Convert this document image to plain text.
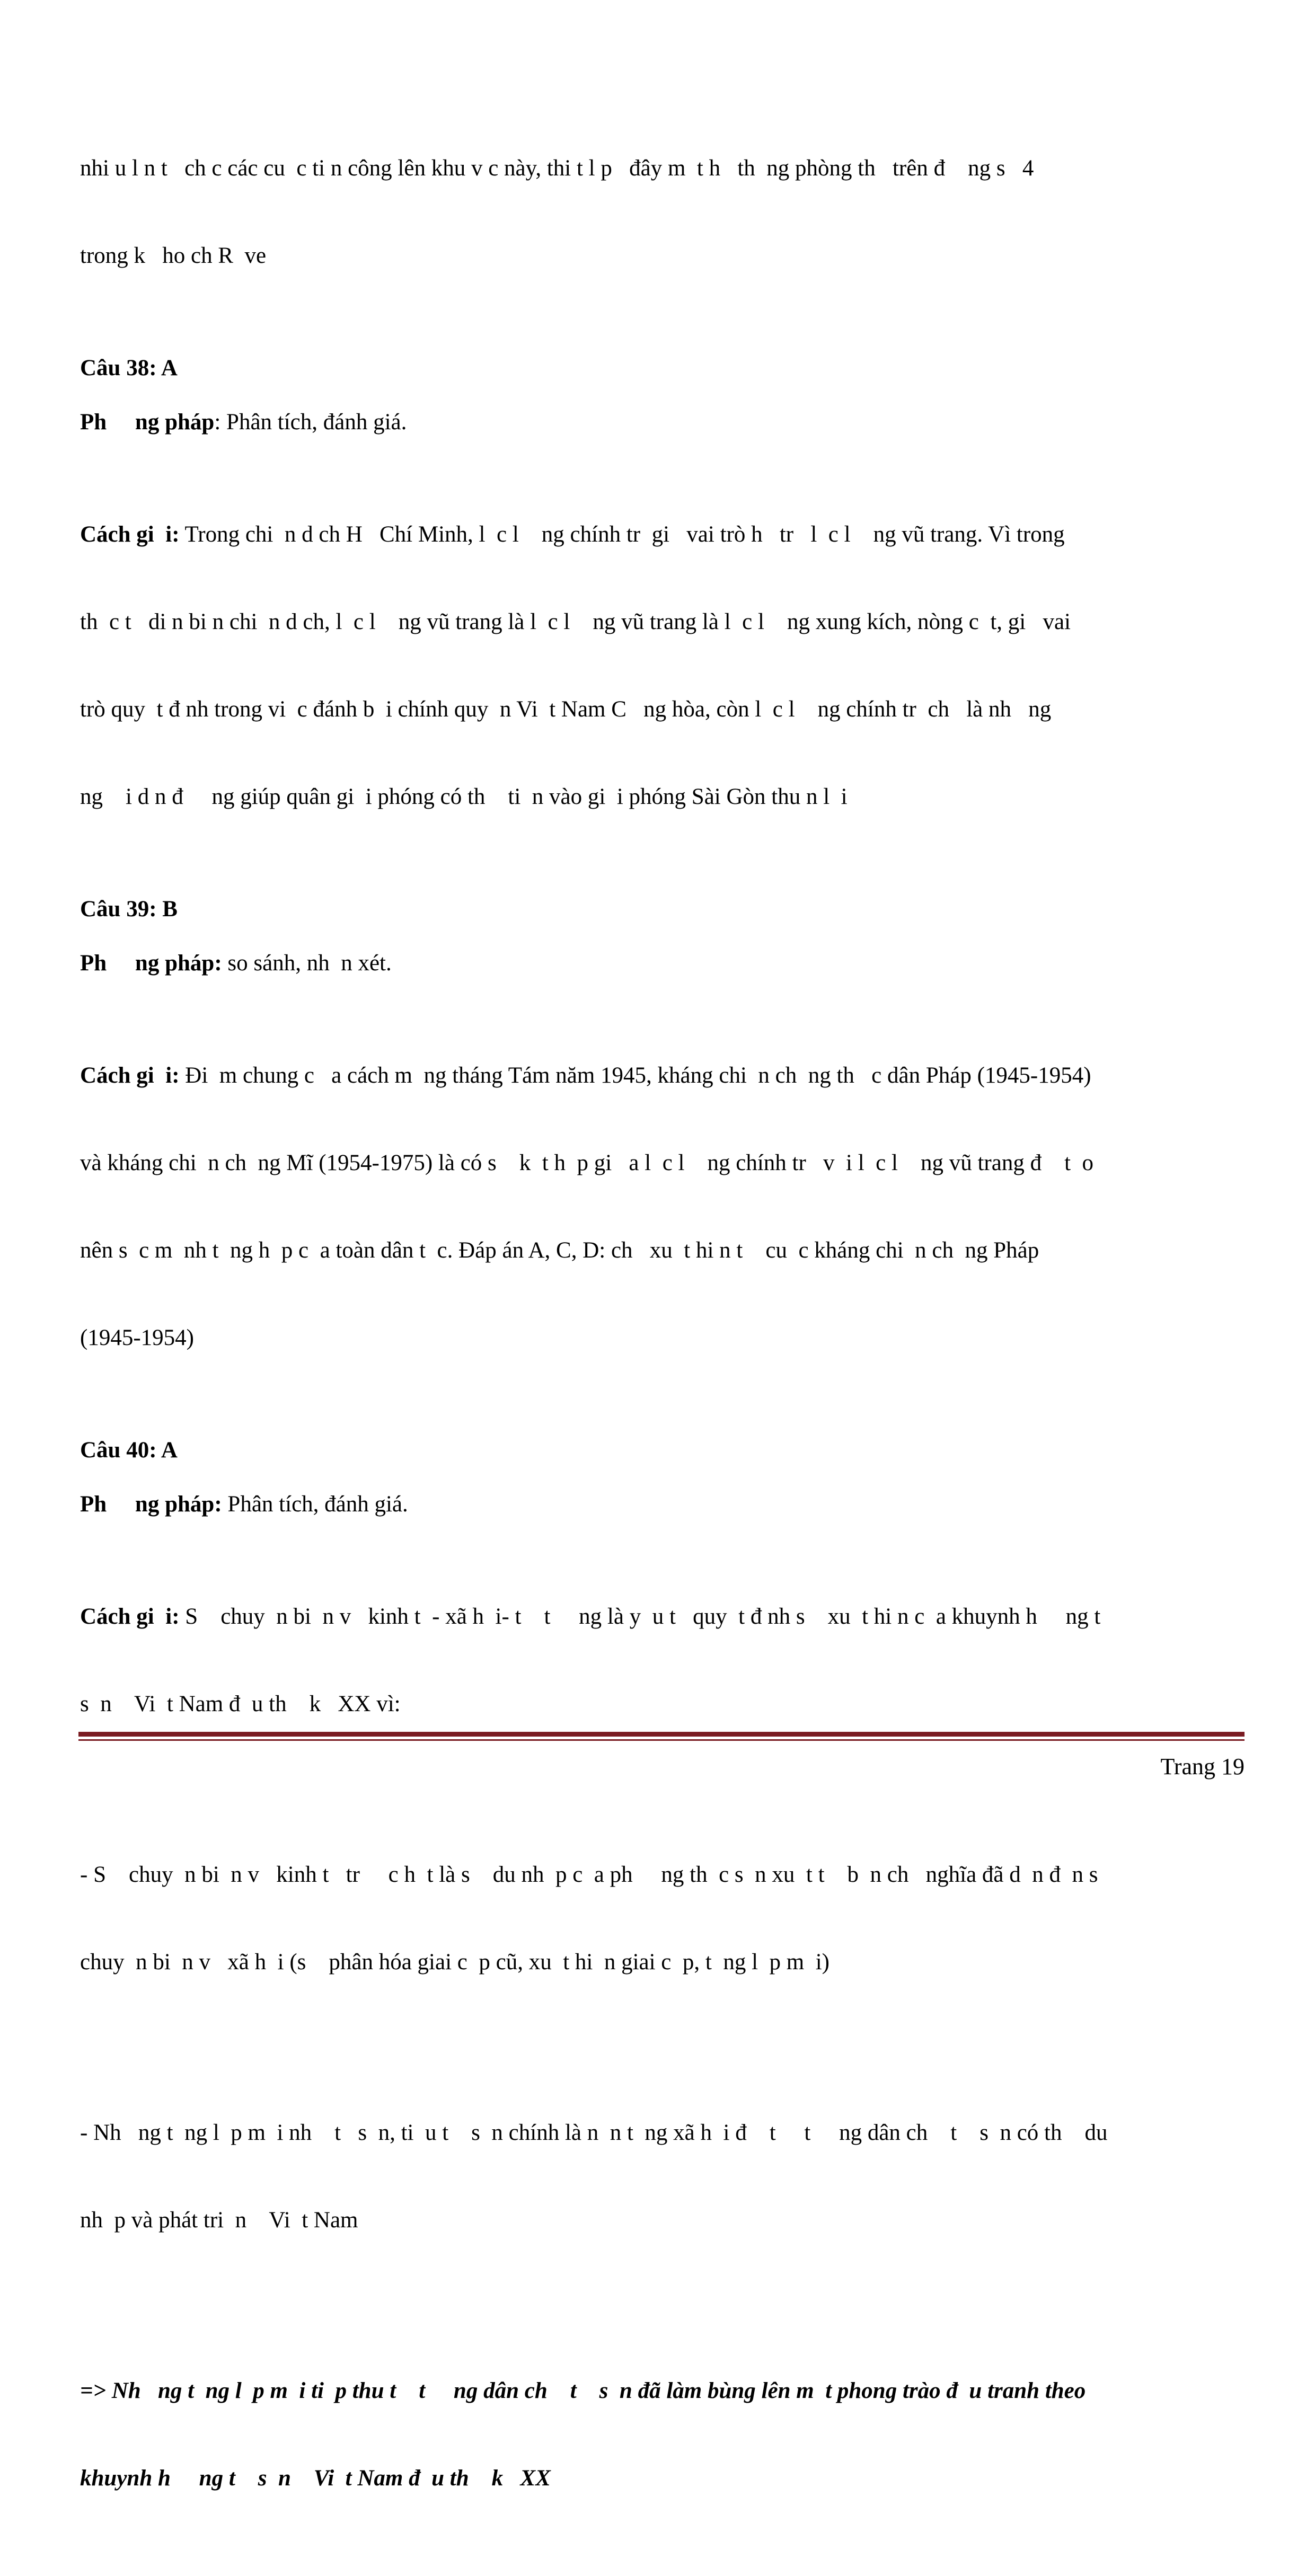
nhi u l n t   ch c các cu  c ti n công lên khu v c này, thi t l p   đây m  t h   th  ng phòng th   trên đ    ng s   4

trong k   ho ch R  ve

Câu 38: A
Ph     ng pháp: Phân tích, đánh giá.

Cách gi  i: Trong chi  n d ch H   Chí Minh, l  c l    ng chính tr  gi   vai trò h   tr   l  c l    ng vũ trang. Vì trong

th  c t   di n bi n chi  n d ch, l  c l    ng vũ trang là l  c l    ng vũ trang là l  c l    ng xung kích, nòng c  t, gi   vai

trò quy  t đ nh trong vi  c đánh b  i chính quy  n Vi  t Nam C   ng hòa, còn l  c l    ng chính tr  ch   là nh   ng

ng    i d n đ     ng giúp quân gi  i phóng có th    ti  n vào gi  i phóng Sài Gòn thu n l  i

Câu 39: B
Ph     ng pháp: so sánh, nh  n xét.

Cách gi  i: Đi  m chung c   a cách m  ng tháng Tám năm 1945, kháng chi  n ch  ng th   c dân Pháp (1945-1954)

và kháng chi  n ch  ng Mĩ (1954-1975) là có s    k  t h  p gi   a l  c l    ng chính tr   v  i l  c l    ng vũ trang đ    t  o

nên s  c m  nh t  ng h  p c  a toàn dân t  c. Đáp án A, C, D: ch   xu  t hi n t    cu  c kháng chi  n ch  ng Pháp

(1945-1954)

Câu 40: A
Ph     ng pháp: Phân tích, đánh giá.

Cách gi  i: S    chuy  n bi  n v   kinh t  - xã h  i- t    t     ng là y  u t   quy  t đ nh s    xu  t hi n c  a khuynh h     ng t

s  n    Vi  t Nam đ  u th    k   XX vì:

- S    chuy  n bi  n v   kinh t   tr     c h  t là s    du nh  p c  a ph     ng th  c s  n xu  t t    b  n ch   nghĩa đã d  n đ  n s

chuy  n bi  n v   xã h  i (s    phân hóa giai c  p cũ, xu  t hi  n giai c  p, t  ng l  p m  i)

- Nh   ng t  ng l  p m  i nh    t   s  n, ti  u t    s  n chính là n  n t  ng xã h  i đ    t     t     ng dân ch    t    s  n có th    du

nh  p và phát tri  n    Vi  t Nam

=> Nh   ng t  ng l  p m  i ti  p thu t    t     ng dân ch    t    s  n đã làm bùng lên m  t phong trào đ  u tranh theo

khuynh h     ng t    s  n    Vi  t Nam đ  u th    k   XX

Trang 19
